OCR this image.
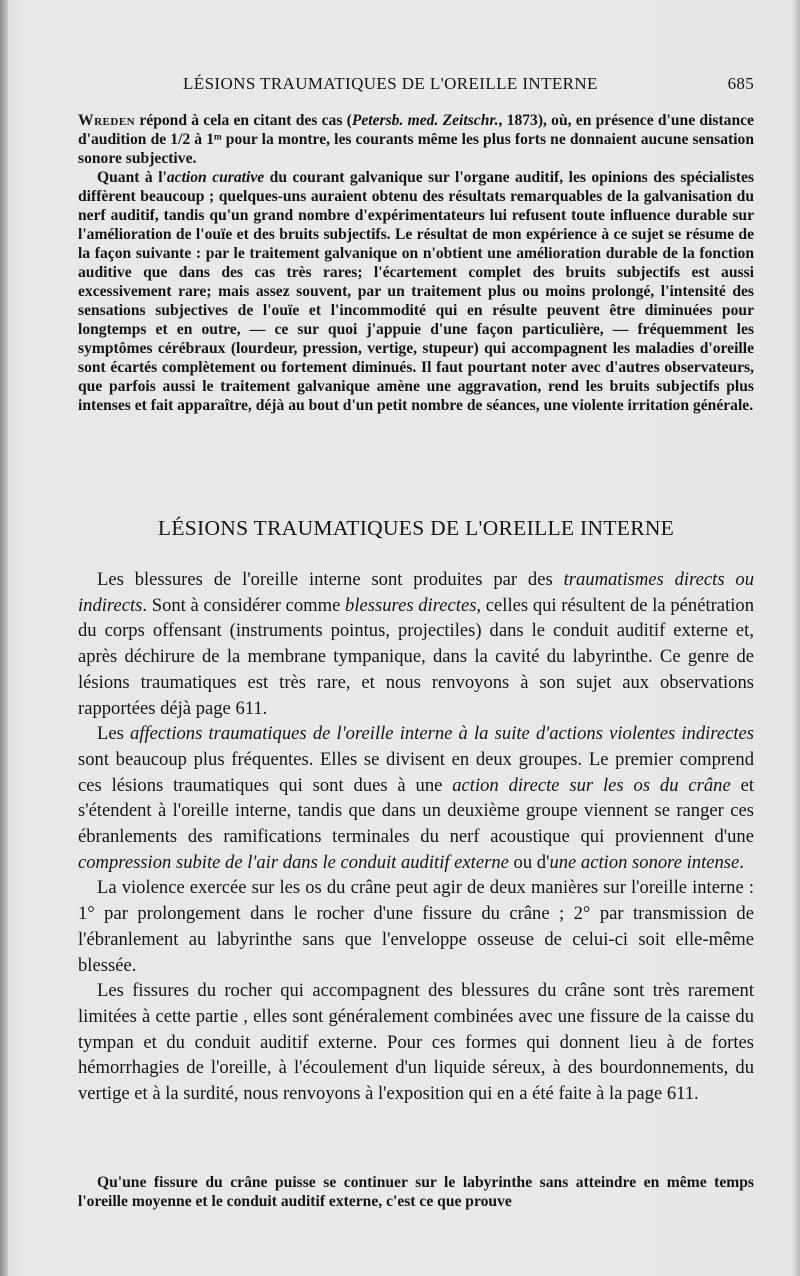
LÉSIONS TRAUMATIQUES DE L'OREILLE INTERNE	685

Wreden répond à cela en citant des cas (Petersb. med. Zeitschr., 1873), où, en présence d'une distance d'audition de 1/2 à 1ᵐ pour la montre, les courants même les plus forts ne donnaient aucune sensation sonore subjective.

Quant à l'action curative du courant galvanique sur l'organe auditif, les opinions des spécialistes diffèrent beaucoup ; quelques-uns auraient obtenu des résultats remarquables de la galvanisation du nerf auditif, tandis qu'un grand nombre d'expérimentateurs lui refusent toute influence durable sur l'amélioration de l'ouïe et des bruits subjectifs. Le résultat de mon expérience à ce sujet se résume de la façon suivante : par le traitement galvanique on n'obtient une amélioration durable de la fonction auditive que dans des cas très rares; l'écartement complet des bruits subjectifs est aussi excessivement rare; mais assez souvent, par un traitement plus ou moins prolongé, l'intensité des sensations subjectives de l'ouïe et l'incommodité qui en résulte peuvent être diminuées pour longtemps et en outre, — ce sur quoi j'appuie d'une façon particulière, — fréquemment les symptômes cérébraux (lourdeur, pression, vertige, stupeur) qui accompagnent les maladies d'oreille sont écartés complètement ou fortement diminués. Il faut pourtant noter avec d'autres observateurs, que parfois aussi le traitement galvanique amène une aggravation, rend les bruits subjectifs plus intenses et fait apparaître, déjà au bout d'un petit nombre de séances, une violente irritation générale.

LÉSIONS TRAUMATIQUES DE L'OREILLE INTERNE

Les blessures de l'oreille interne sont produites par des traumatismes directs ou indirects. Sont à considérer comme blessures directes, celles qui résultent de la pénétration du corps offensant (instruments pointus, projectiles) dans le conduit auditif externe et, après déchirure de la membrane tympanique, dans la cavité du labyrinthe. Ce genre de lésions traumatiques est très rare, et nous renvoyons à son sujet aux observations rapportées déjà page 611.

Les affections traumatiques de l'oreille interne à la suite d'actions violentes indirectes sont beaucoup plus fréquentes. Elles se divisent en deux groupes. Le premier comprend ces lésions traumatiques qui sont dues à une action directe sur les os du crâne et s'étendent à l'oreille interne, tandis que dans un deuxième groupe viennent se ranger ces ébranlements des ramifications terminales du nerf acoustique qui proviennent d'une compression subite de l'air dans le conduit auditif externe ou d'une action sonore intense.

La violence exercée sur les os du crâne peut agir de deux manières sur l'oreille interne : 1° par prolongement dans le rocher d'une fissure du crâne ; 2° par transmission de l'ébranlement au labyrinthe sans que l'enveloppe osseuse de celui-ci soit elle-même blessée.

Les fissures du rocher qui accompagnent des blessures du crâne sont très rarement limitées à cette partie , elles sont généralement combinées avec une fissure de la caisse du tympan et du conduit auditif externe. Pour ces formes qui donnent lieu à de fortes hémorrhagies de l'oreille, à l'écoulement d'un liquide séreux, à des bourdonnements, du vertige et à la surdité, nous renvoyons à l'exposition qui en a été faite à la page 611.

Qu'une fissure du crâne puisse se continuer sur le labyrinthe sans atteindre en même temps l'oreille moyenne et le conduit auditif externe, c'est ce que prouve
